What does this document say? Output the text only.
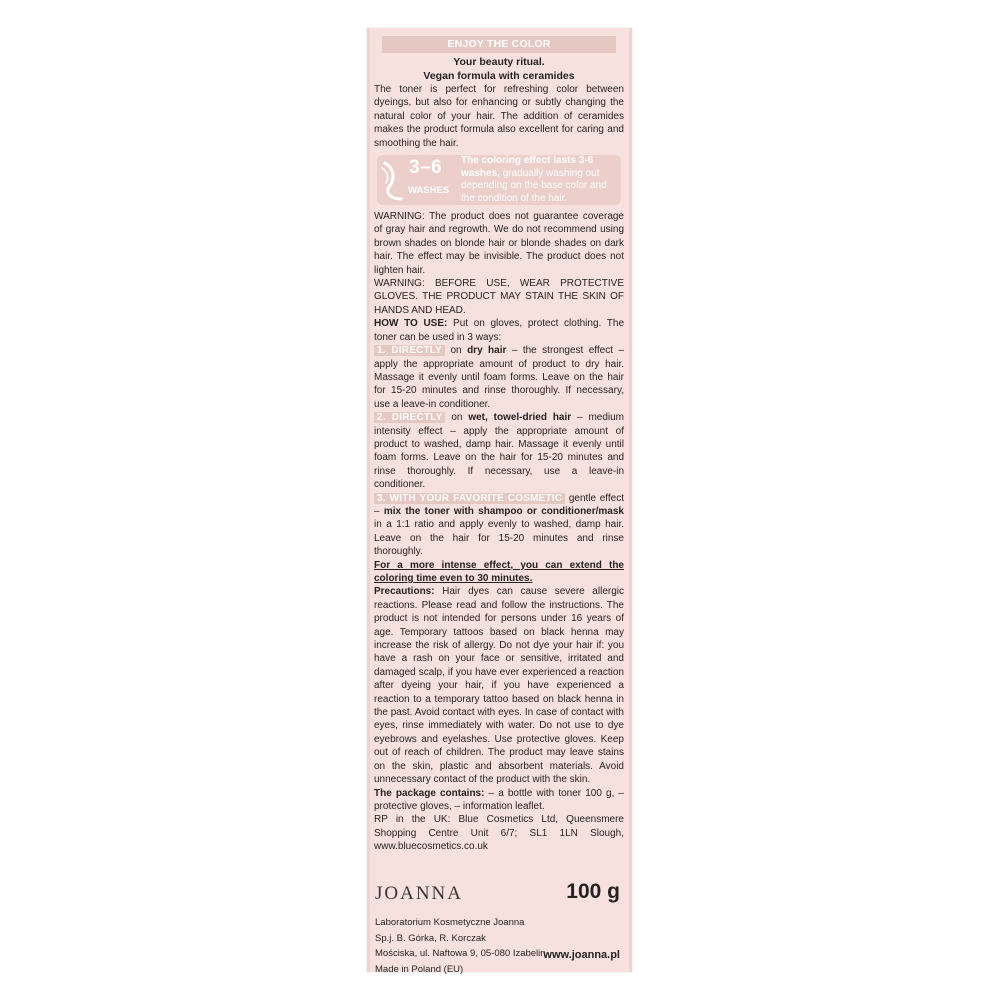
ENJOY THE COLOR
Your beauty ritual.
Vegan formula with ceramides
The toner is perfect for refreshing color between dyeings, but also for enhancing or subtly changing the natural color of your hair. The addition of ceramides makes the product formula also excellent for caring and smoothing the hair.
3–6
WASHES
The coloring effect lasts 3-6 washes, gradually washing out depending on the base color and the condition of the hair.
WARNING: The product does not guarantee coverage of gray hair and regrowth. We do not recommend using brown shades on blonde hair or blonde shades on dark hair. The effect may be invisible. The product does not lighten hair.
WARNING: BEFORE USE, WEAR PROTECTIVE GLOVES. THE PRODUCT MAY STAIN THE SKIN OF HANDS AND HEAD.
HOW TO USE: Put on gloves, protect clothing. The toner can be used in 3 ways:
1. DIRECTLY on dry hair – the strongest effect – apply the appropriate amount of product to dry hair. Massage it evenly until foam forms. Leave on the hair for 15-20 minutes and rinse thoroughly. If necessary, use a leave-in conditioner.
2. DIRECTLY on wet, towel-dried hair – medium intensity effect – apply the appropriate amount of product to washed, damp hair. Massage it evenly until foam forms. Leave on the hair for 15-20 minutes and rinse thoroughly. If necessary, use a leave-in conditioner.
3. WITH YOUR FAVORITE COSMETIC gentle effect – mix the toner with shampoo or conditioner/mask in a 1:1 ratio and apply evenly to washed, damp hair. Leave on the hair for 15-20 minutes and rinse thoroughly.
For a more intense effect, you can extend the coloring time even to 30 minutes.
Precautions: Hair dyes can cause severe allergic reactions. Please read and follow the instructions. The product is not intended for persons under 16 years of age. Temporary tattoos based on black henna may increase the risk of allergy. Do not dye your hair if: you have a rash on your face or sensitive, irritated and damaged scalp, if you have ever experienced a reaction after dyeing your hair, if you have experienced a reaction to a temporary tattoo based on black henna in the past. Avoid contact with eyes. In case of contact with eyes, rinse immediately with water. Do not use to dye eyebrows and eyelashes. Use protective gloves. Keep out of reach of children. The product may leave stains on the skin, plastic and absorbent materials. Avoid unnecessary contact of the product with the skin.
The package contains: – a bottle with toner 100 g, – protective gloves, – information leaflet.
RP in the UK: Blue Cosmetics Ltd, Queensmere Shopping Centre Unit 6/7; SL1 1LN Slough, www.bluecosmetics.co.uk
JOANNA	100 g
Laboratorium Kosmetyczne Joanna
Sp.j. B. Górka, R. Korczak
Mościska, ul. Naftowa 9, 05-080 Izabelin
Made in Poland (EU)
www.joanna.pl
